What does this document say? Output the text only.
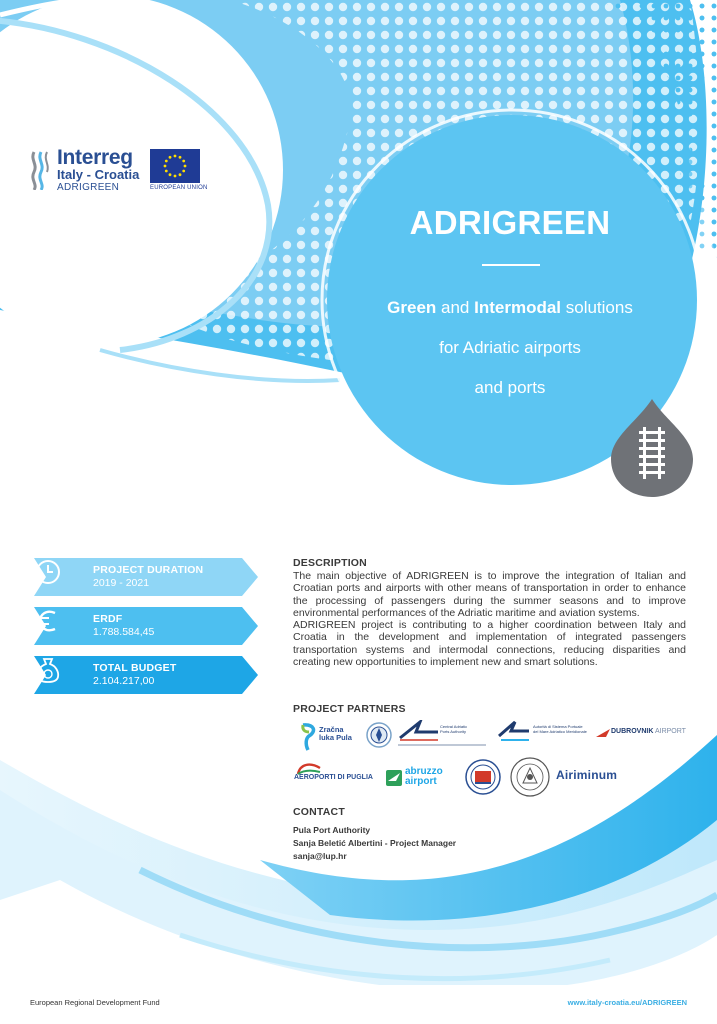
Interreg
Italy - Croatia
ADRIGREEN	EUROPEAN UNION
ADRIGREEN
Green and Intermodal solutions
for Adriatic airports
and ports
PROJECT DURATION
2019 - 2021
ERDF
1.788.584,45
TOTAL BUDGET
2.104.217,00
DESCRIPTION

The main objective of ADRIGREEN is to improve the integration of Italian and Croatian ports and airports with other means of transportation in order to enhance the processing of passengers during the summer seasons and to improve environmental performances of the Adriatic maritime and aviation systems.

ADRIGREEN project is contributing to a higher coordination between Italy and Croatia in the development and implementation of integrated passengers transportation systems and intermodal connections, reducing disparities and creating new opportunities to implement new and smart solutions.

PROJECT PARTNERS
Zračna
luka Pula
Central Adriatic
Ports Authority
Autorità di Sistema Portuale
del Mare Adriatico Meridionale	DUBROVNIK AIRPORT
AEROPORTI DI PUGLIA
abruzzo
airport	Airiminum
CONTACT
Pula Port Authority
Sanja Beletić Albertini - Project Manager
sanja@lup.hr
European Regional Development Fund	www.italy-croatia.eu/ADRIGREEN
